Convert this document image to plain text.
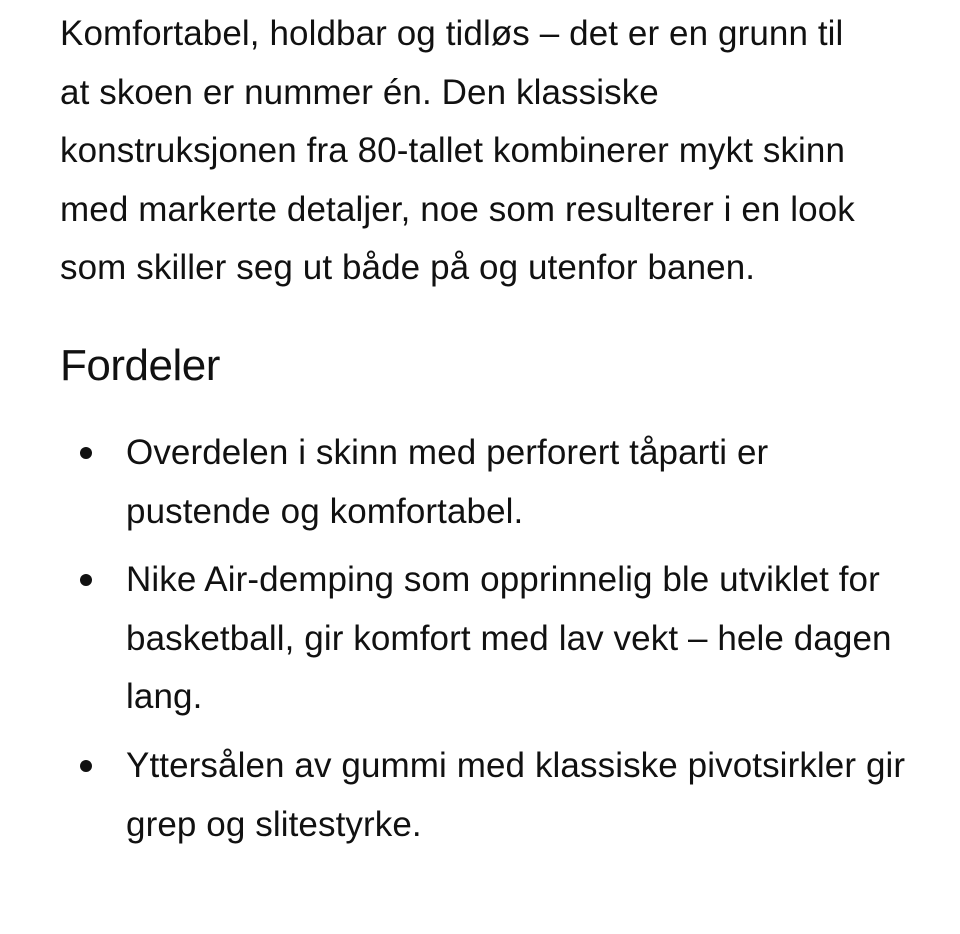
Komfortabel, holdbar og tidløs – det er en grunn til at skoen er nummer én. Den klassiske konstruksjonen fra 80-tallet kombinerer mykt skinn med markerte detaljer, noe som resulterer i en look som skiller seg ut både på og utenfor banen.

Fordeler
Overdelen i skinn med perforert tåparti er pustende og komfortabel.
Nike Air-demping som opprinnelig ble utviklet for basketball, gir komfort med lav vekt – hele dagen lang.
Yttersålen av gummi med klassiske pivotsirkler gir grep og slitestyrke.
